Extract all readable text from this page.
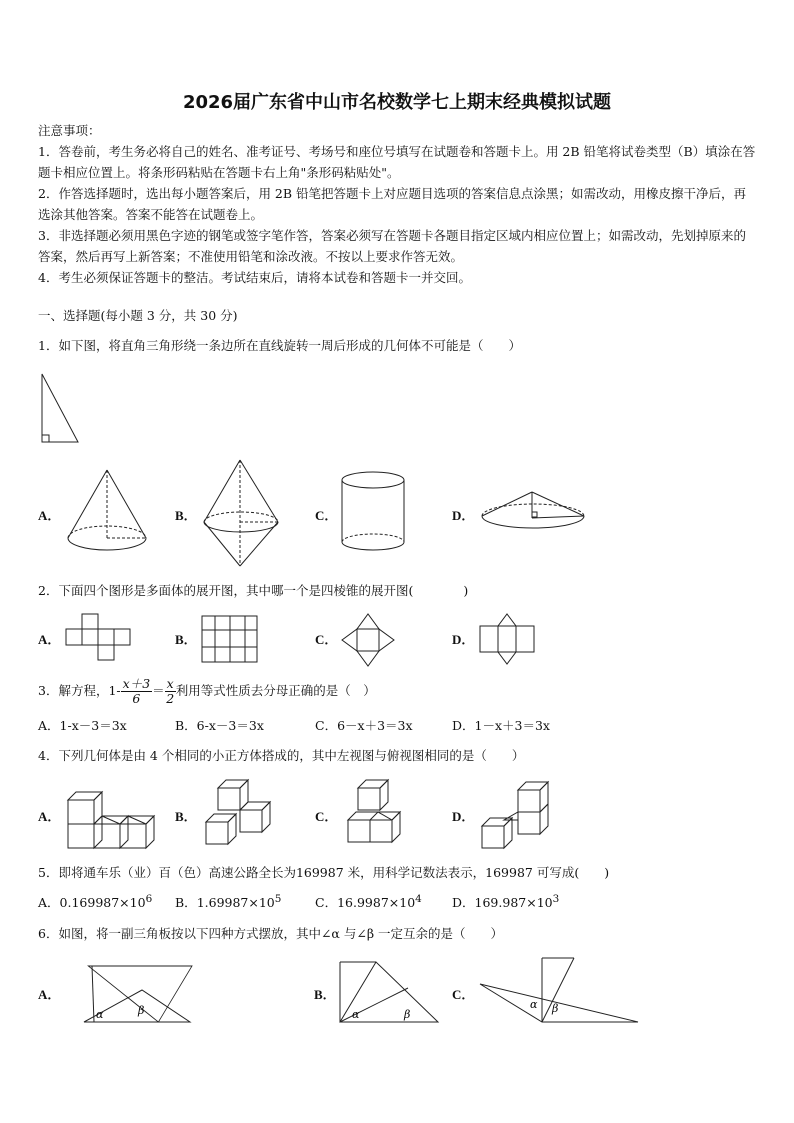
2026届广东省中山市名校数学七上期末经典模拟试题

注意事项：

1．答卷前，考生务必将自己的姓名、准考证号、考场号和座位号填写在试题卷和答题卡上。用 2B 铅笔将试卷类型（B）填涂在答题卡相应位置上。将条形码粘贴在答题卡右上角"条形码粘贴处"。

2．作答选择题时，选出每小题答案后，用 2B 铅笔把答题卡上对应题目选项的答案信息点涂黑；如需改动，用橡皮擦干净后，再选涂其他答案。答案不能答在试题卷上。

3．非选择题必须用黑色字迹的钢笔或签字笔作答，答案必须写在答题卡各题目指定区域内相应位置上；如需改动，先划掉原来的答案，然后再写上新答案；不准使用铅笔和涂改液。不按以上要求作答无效。

4．考生必须保证答题卡的整洁。考试结束后，请将本试卷和答题卡一并交回。

一、选择题(每小题 3 分，共 30 分)
1．如下图，将直角三角形绕一条边所在直线旋转一周后形成的几何体不可能是（　　）
A．	B．	C．	D．
2．下面四个图形是多面体的展开图，其中哪一个是四棱锥的展开图(　　　　)
A．	B．	C．	D．
3．解方程，$1- \frac{x+3}{6} = \frac{x}{2}$ 利用等式性质去分母正确的是（　）
A．1-x－3＝3x	B．6-x－3＝3x	C．6－x＋3＝3x	D．1－x＋3＝3x
4．下列几何体是由 4 个相同的小正方体搭成的，其中左视图与俯视图相同的是（　　）
A．	B．	C．	D．
5．即将通车乐（业）百（色）高速公路全长为169987 米，用科学记数法表示，169987 可写成(　　)
A．$0.169987\times 10^6$ B．$1.69987\times 10^5$	C．$16.9987\times 10^4$ D．$169.987\times 10^3$
6．如图，将一副三角板按以下四种方式摆放，其中∠α 与∠β 一定互余的是（　　）
A．
α	β
B．
α	β
C．
α β
